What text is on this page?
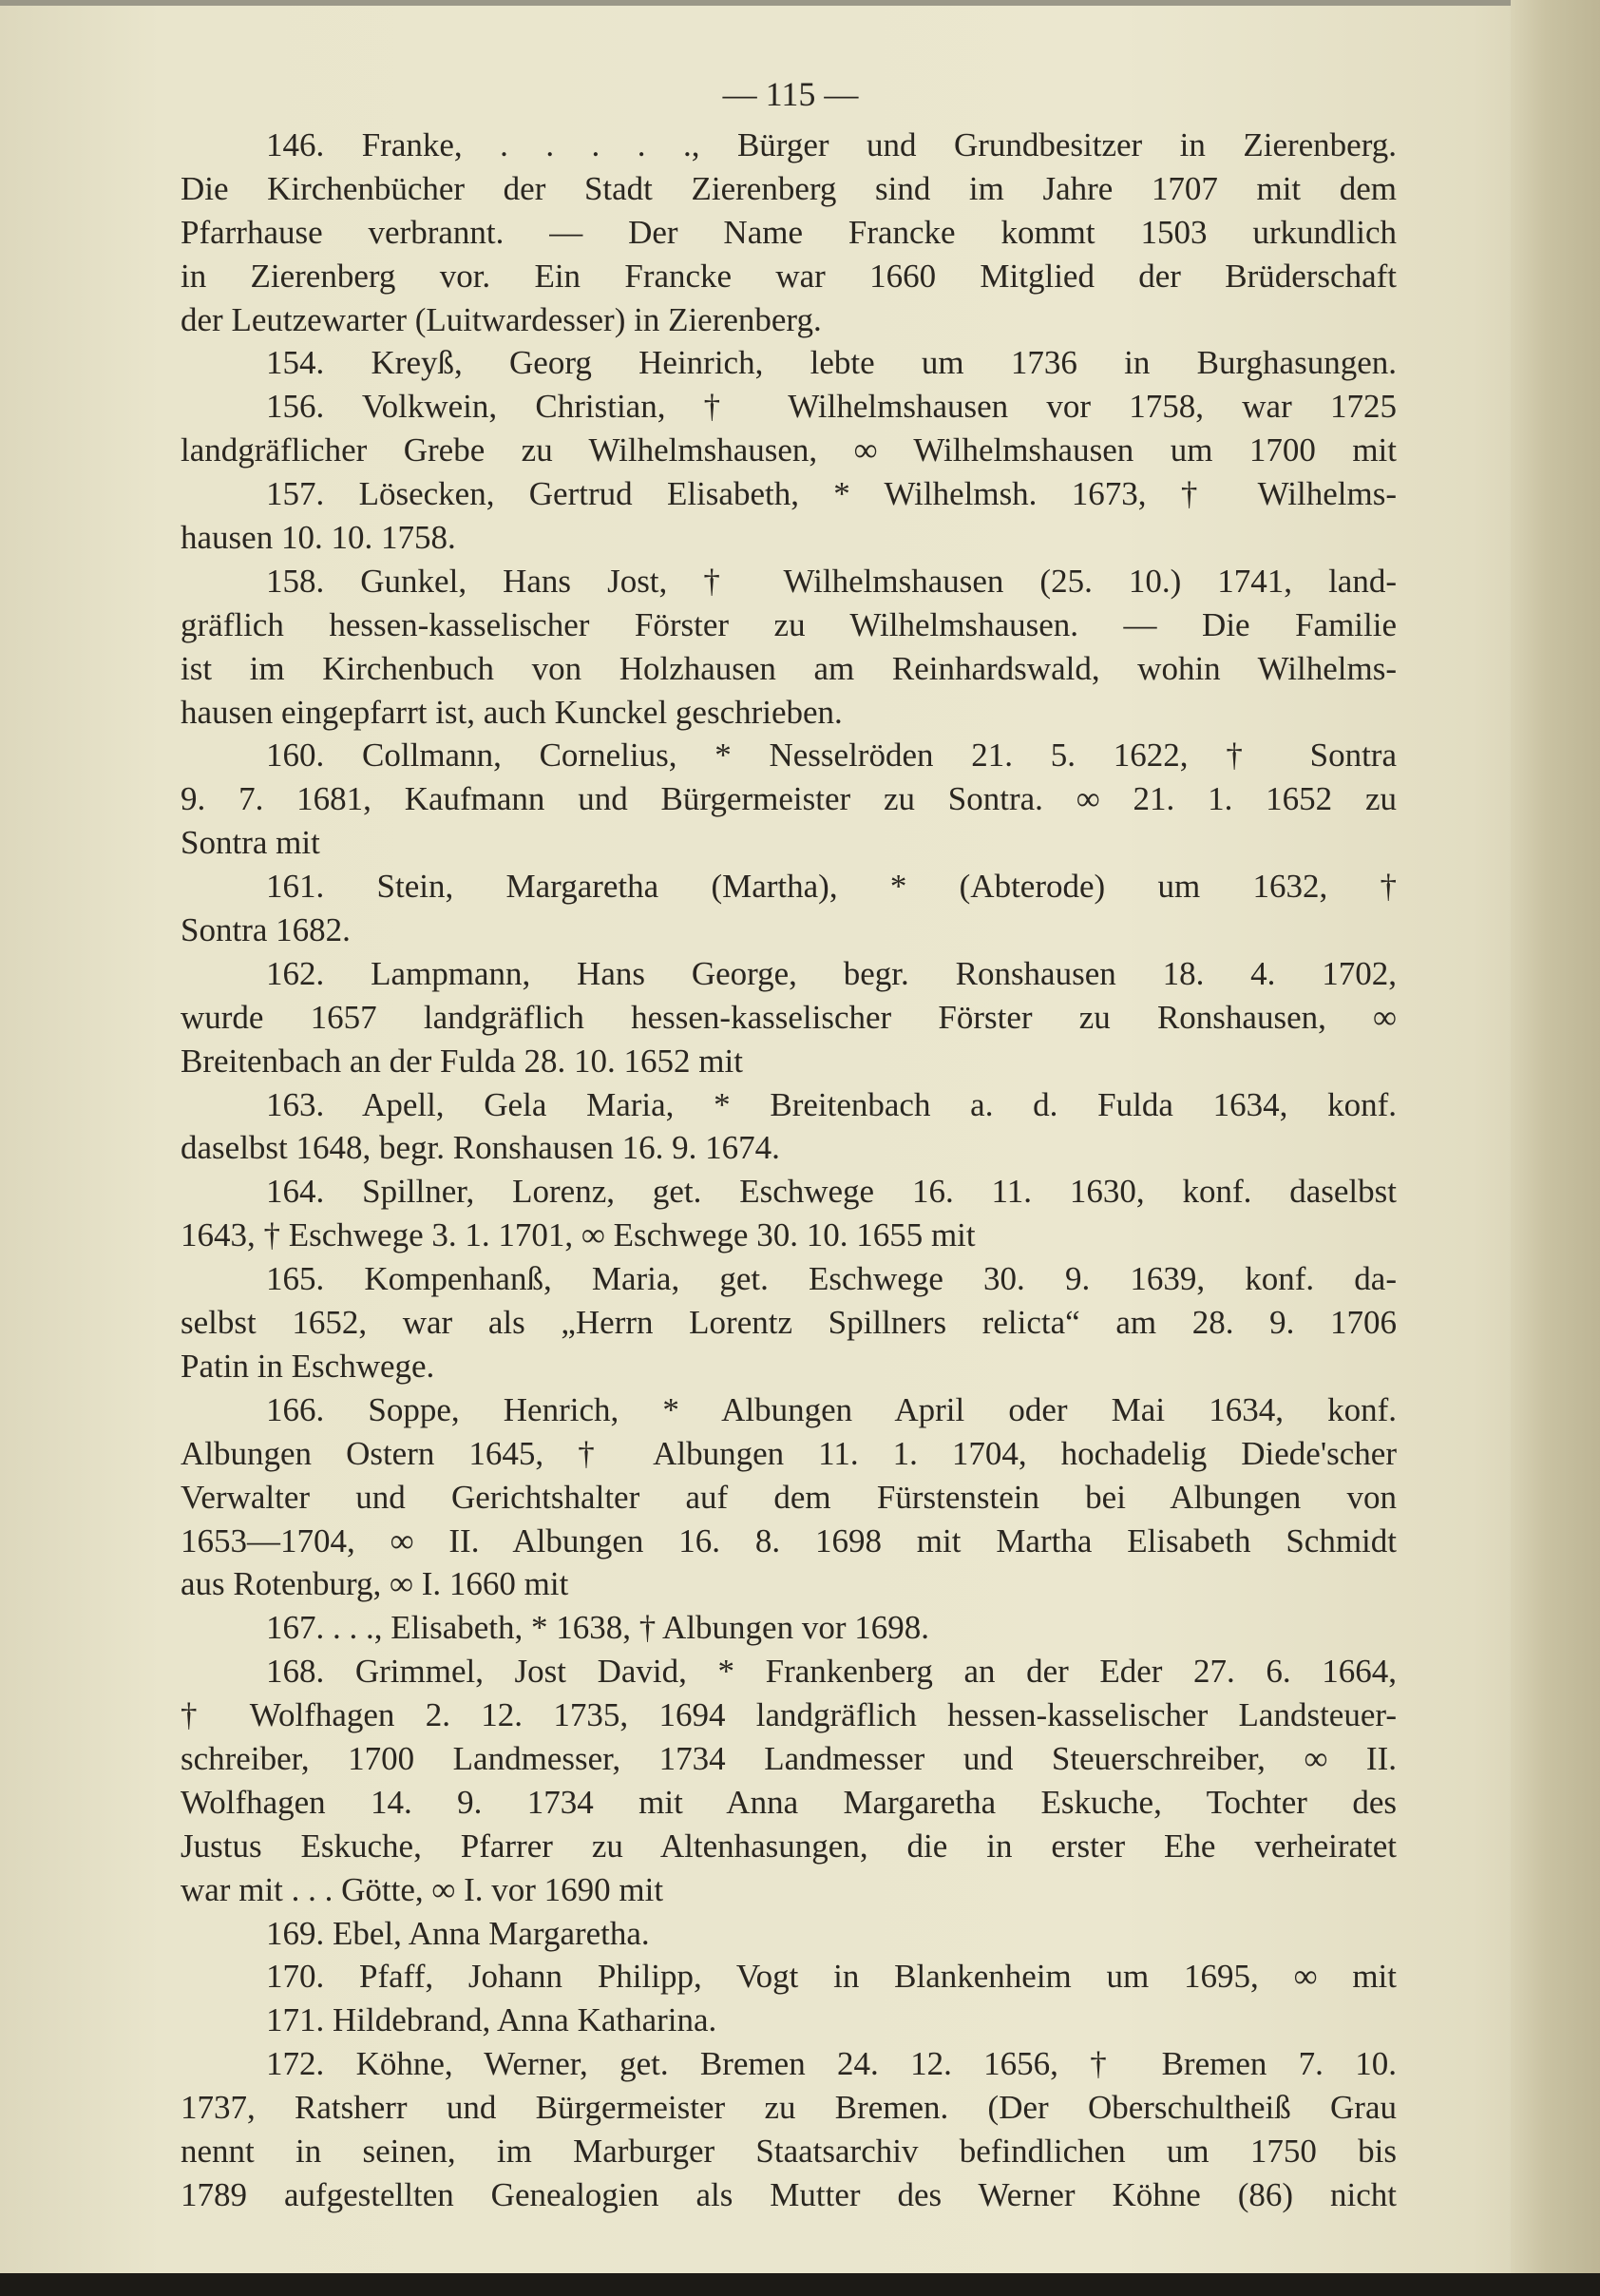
— 115 —
146. Franke, . . . . ., Bürger und Grundbesitzer in Zierenberg.
Die Kirchenbücher der Stadt Zierenberg sind im Jahre 1707 mit dem
Pfarrhause verbrannt. — Der Name Francke kommt 1503 urkundlich
in Zierenberg vor. Ein Francke war 1660 Mitglied der Brüderschaft
der Leutzewarter (Luitwardesser) in Zierenberg.
154. Kreyß, Georg Heinrich, lebte um 1736 in Burghasungen.
156. Volkwein, Christian, † Wilhelmshausen vor 1758, war 1725
landgräflicher Grebe zu Wilhelmshausen, ∞ Wilhelmshausen um 1700 mit
157. Lösecken, Gertrud Elisabeth, * Wilhelmsh. 1673, † Wilhelms-
hausen 10. 10. 1758.
158. Gunkel, Hans Jost, † Wilhelmshausen (25. 10.) 1741, land-
gräflich hessen-kasselischer Förster zu Wilhelmshausen. — Die Familie
ist im Kirchenbuch von Holzhausen am Reinhardswald, wohin Wilhelms-
hausen eingepfarrt ist, auch Kunckel geschrieben.
160. Collmann, Cornelius, * Nesselröden 21. 5. 1622, † Sontra
9. 7. 1681, Kaufmann und Bürgermeister zu Sontra. ∞ 21. 1. 1652 zu
Sontra mit
161. Stein, Margaretha (Martha), * (Abterode) um 1632, †
Sontra 1682.
162. Lampmann, Hans George, begr. Ronshausen 18. 4. 1702,
wurde 1657 landgräflich hessen-kasselischer Förster zu Ronshausen, ∞
Breitenbach an der Fulda 28. 10. 1652 mit
163. Apell, Gela Maria, * Breitenbach a. d. Fulda 1634, konf.
daselbst 1648, begr. Ronshausen 16. 9. 1674.
164. Spillner, Lorenz, get. Eschwege 16. 11. 1630, konf. daselbst
1643, † Eschwege 3. 1. 1701, ∞ Eschwege 30. 10. 1655 mit
165. Kompenhanß, Maria, get. Eschwege 30. 9. 1639, konf. da-
selbst 1652, war als „Herrn Lorentz Spillners relicta“ am 28. 9. 1706
Patin in Eschwege.
166. Soppe, Henrich, * Albungen April oder Mai 1634, konf.
Albungen Ostern 1645, † Albungen 11. 1. 1704, hochadelig Diede'scher
Verwalter und Gerichtshalter auf dem Fürstenstein bei Albungen von
1653—1704, ∞ II. Albungen 16. 8. 1698 mit Martha Elisabeth Schmidt
aus Rotenburg, ∞ I. 1660 mit
167. . . ., Elisabeth, * 1638, † Albungen vor 1698.
168. Grimmel, Jost David, * Frankenberg an der Eder 27. 6. 1664,
† Wolfhagen 2. 12. 1735, 1694 landgräflich hessen-kasselischer Landsteuer-
schreiber, 1700 Landmesser, 1734 Landmesser und Steuerschreiber, ∞ II.
Wolfhagen 14. 9. 1734 mit Anna Margaretha Eskuche, Tochter des
Justus Eskuche, Pfarrer zu Altenhasungen, die in erster Ehe verheiratet
war mit . . . Götte, ∞ I. vor 1690 mit
169. Ebel, Anna Margaretha.
170. Pfaff, Johann Philipp, Vogt in Blankenheim um 1695, ∞ mit
171. Hildebrand, Anna Katharina.
172. Köhne, Werner, get. Bremen 24. 12. 1656, † Bremen 7. 10.
1737, Ratsherr und Bürgermeister zu Bremen. (Der Oberschultheiß Grau
nennt in seinen, im Marburger Staatsarchiv befindlichen um 1750 bis
1789 aufgestellten Genealogien als Mutter des Werner Köhne (86) nicht
